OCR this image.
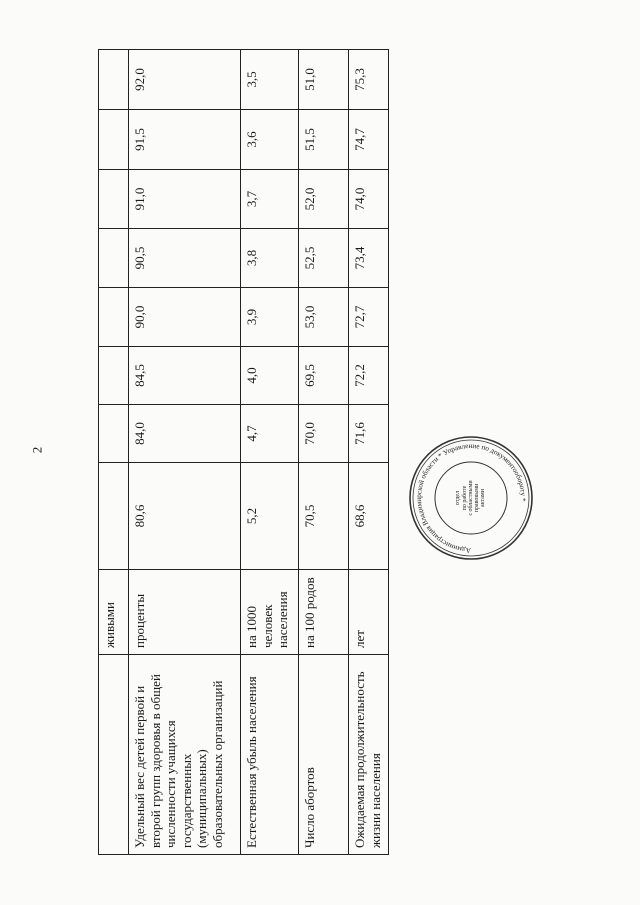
2
	живыми								
Удельный вес детей первой и второй групп здоровья в общей численности учащихся государственных (муниципальных) образовательных организаций	проценты	80,6	84,0	84,5	90,0	90,5	91,0	91,5	92,0
Естественная убыль населения	на 1000 человек населения	5,2	4,7	4,0	3,9	3,8	3,7	3,6	3,5
Число абортов	на 100 родов	70,5	70,0	69,5	53,0	52,5	52,0	51,5	51,0
Ожидаемая продолжительность жизни населения	лет	68,6	71,6	72,2	72,7	73,4	74,0	74,7	75,3
Администрация Владимирской области * Управление по документообороту *
отдел по работе с областными правовыми актами
